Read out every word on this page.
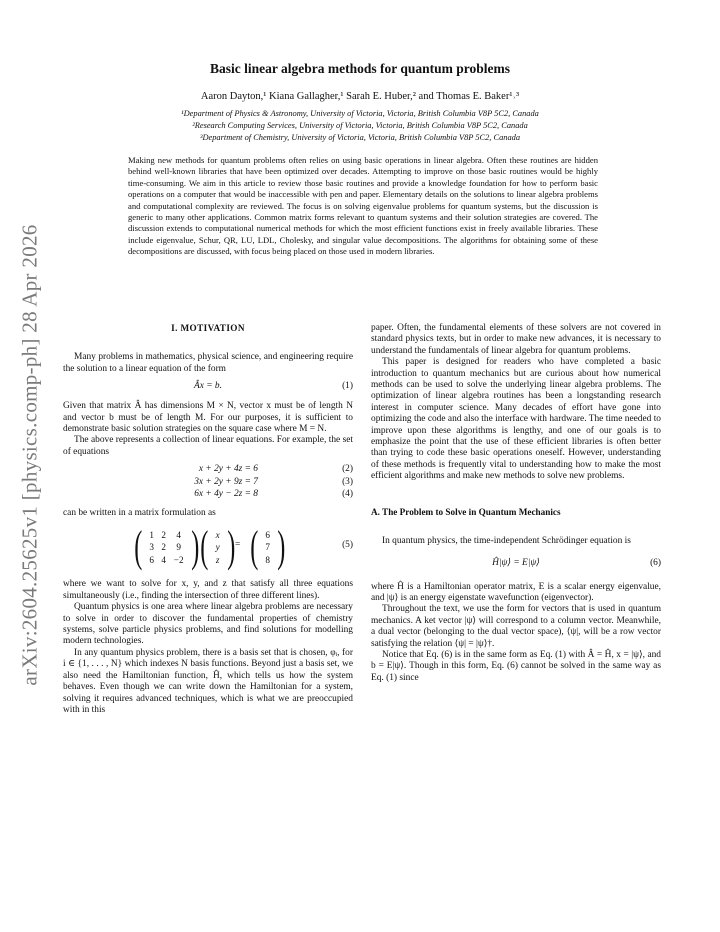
arXiv:2604.25625v1 [physics.comp-ph] 28 Apr 2026
Basic linear algebra methods for quantum problems
Aaron Dayton,¹ Kiana Gallagher,¹ Sarah E. Huber,² and Thomas E. Baker¹˒³
¹Department of Physics & Astronomy, University of Victoria, Victoria, British Columbia V8P 5C2, Canada
²Research Computing Services, University of Victoria, Victoria, British Columbia V8P 5C2, Canada
³Department of Chemistry, University of Victoria, Victoria, British Columbia V8P 5C2, Canada
Making new methods for quantum problems often relies on using basic operations in linear algebra. Often these routines are hidden behind well-known libraries that have been optimized over decades. Attempting to improve on those basic routines would be highly time-consuming. We aim in this article to review those basic routines and provide a knowledge foundation for how to perform basic operations on a computer that would be inaccessible with pen and paper. Elementary details on the solutions to linear algebra problems and computational complexity are reviewed. The focus is on solving eigenvalue problems for quantum systems, but the discussion is generic to many other applications. Common matrix forms relevant to quantum systems and their solution strategies are covered. The discussion extends to computational numerical methods for which the most efficient functions exist in freely available libraries. These include eigenvalue, Schur, QR, LU, LDL, Cholesky, and singular value decompositions. The algorithms for obtaining some of these decompositions are discussed, with focus being placed on those used in modern libraries.
I. MOTIVATION

Many problems in mathematics, physical science, and engineering require the solution to a linear equation of the form

Âx = b.	(1)

Given that matrix Â has dimensions M × N, vector x must be of length N and vector b must be of length M. For our purposes, it is sufficient to demonstrate basic solution strategies on the square case where M = N.

The above represents a collection of linear equations. For example, the set of equations

x + 2y + 4z = 6	(2)
3x + 2y + 9z = 7	(3)
6x + 4y − 2z = 8	(4)

can be written in a matrix formulation as

( 1 2	4
3 2	9
6 4 −2 ) ( x
y
z ) = ( 6
7
8 )	(5)

where we want to solve for x, y, and z that satisfy all three equations simultaneously (i.e., finding the intersection of three different lines).

Quantum physics is one area where linear algebra problems are necessary to solve in order to discover the fundamental properties of chemistry systems, solve particle physics problems, and find solutions for modelling modern technologies.

In any quantum physics problem, there is a basis set that is chosen, φᵢ, for i ∈ {1, . . . , N} which indexes N basis functions. Beyond just a basis set, we also need the Hamiltonian function, Ĥ, which tells us how the system behaves. Even though we can write down the Hamiltonian for a system, solving it requires advanced techniques, which is what we are preoccupied with in this

paper. Often, the fundamental elements of these solvers are not covered in standard physics texts, but in order to make new advances, it is necessary to understand the fundamentals of linear algebra for quantum problems.

This paper is designed for readers who have completed a basic introduction to quantum mechanics but are curious about how numerical methods can be used to solve the underlying linear algebra problems. The optimization of linear algebra routines has been a longstanding research interest in computer science. Many decades of effort have gone into optimizing the code and also the interface with hardware. The time needed to improve upon these algorithms is lengthy, and one of our goals is to emphasize the point that the use of these efficient libraries is often better than trying to code these basic operations oneself. However, understanding of these methods is frequently vital to understanding how to make the most efficient algorithms and make new methods to solve new problems.

A. The Problem to Solve in Quantum Mechanics

In quantum physics, the time-independent Schrödinger equation is

Ĥ|ψ⟩ = E|ψ⟩	(6)

where Ĥ is a Hamiltonian operator matrix, E is a scalar energy eigenvalue, and |ψ⟩ is an energy eigenstate wavefunction (eigenvector).

Throughout the text, we use the form for vectors that is used in quantum mechanics. A ket vector |ψ⟩ will correspond to a column vector. Meanwhile, a dual vector (belonging to the dual vector space), ⟨ψ|, will be a row vector satisfying the relation ⟨ψ| = |ψ⟩†.

Notice that Eq. (6) is in the same form as Eq. (1) with Â = Ĥ, x = |ψ⟩, and b = E|ψ⟩. Though in this form, Eq. (6) cannot be solved in the same way as Eq. (1) since
